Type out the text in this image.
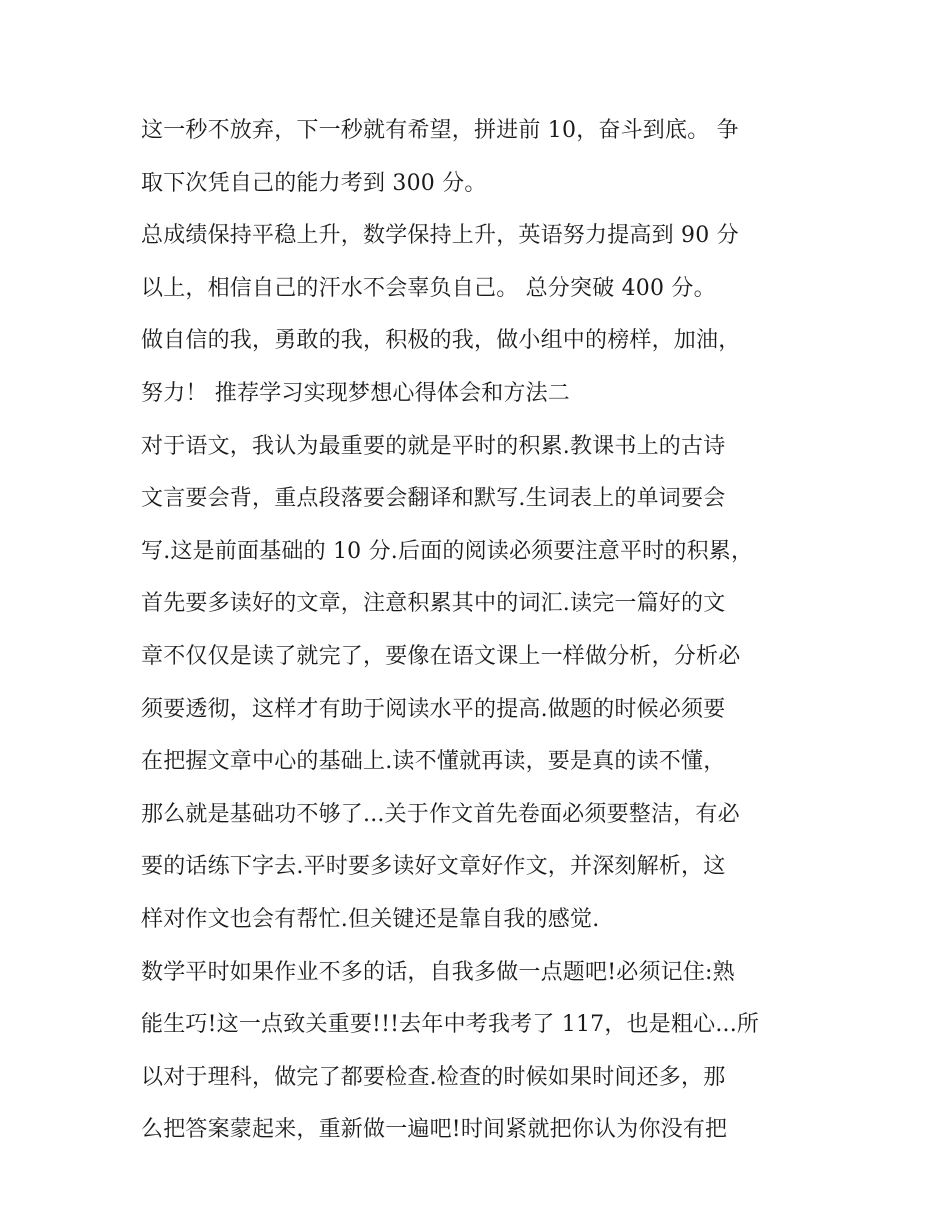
这一秒不放弃，下一秒就有希望，拼进前 10，奋斗到底。 争
取下次凭自己的能力考到 300 分。
总成绩保持平稳上升，数学保持上升，英语努力提高到 90 分
以上，相信自己的汗水不会辜负自己。 总分突破 400 分。
做自信的我，勇敢的我，积极的我，做小组中的榜样，加油，
努力！ 推荐学习实现梦想心得体会和方法二
对于语文，我认为最重要的就是平时的积累.教课书上的古诗
文言要会背，重点段落要会翻译和默写.生词表上的单词要会
写.这是前面基础的 10 分.后面的阅读必须要注意平时的积累，
首先要多读好的文章，注意积累其中的词汇.读完一篇好的文
章不仅仅是读了就完了，要像在语文课上一样做分析，分析必
须要透彻，这样才有助于阅读水平的提高.做题的时候必须要
在把握文章中心的基础上.读不懂就再读，要是真的读不懂，
那么就是基础功不够了...关于作文首先卷面必须要整洁，有必
要的话练下字去.平时要多读好文章好作文，并深刻解析，这
样对作文也会有帮忙.但关键还是靠自我的感觉.
数学平时如果作业不多的话，自我多做一点题吧!必须记住:熟
能生巧!这一点致关重要!!!去年中考我考了 117，也是粗心...所
以对于理科，做完了都要检查.检查的时候如果时间还多，那
么把答案蒙起来，重新做一遍吧!时间紧就把你认为你没有把
